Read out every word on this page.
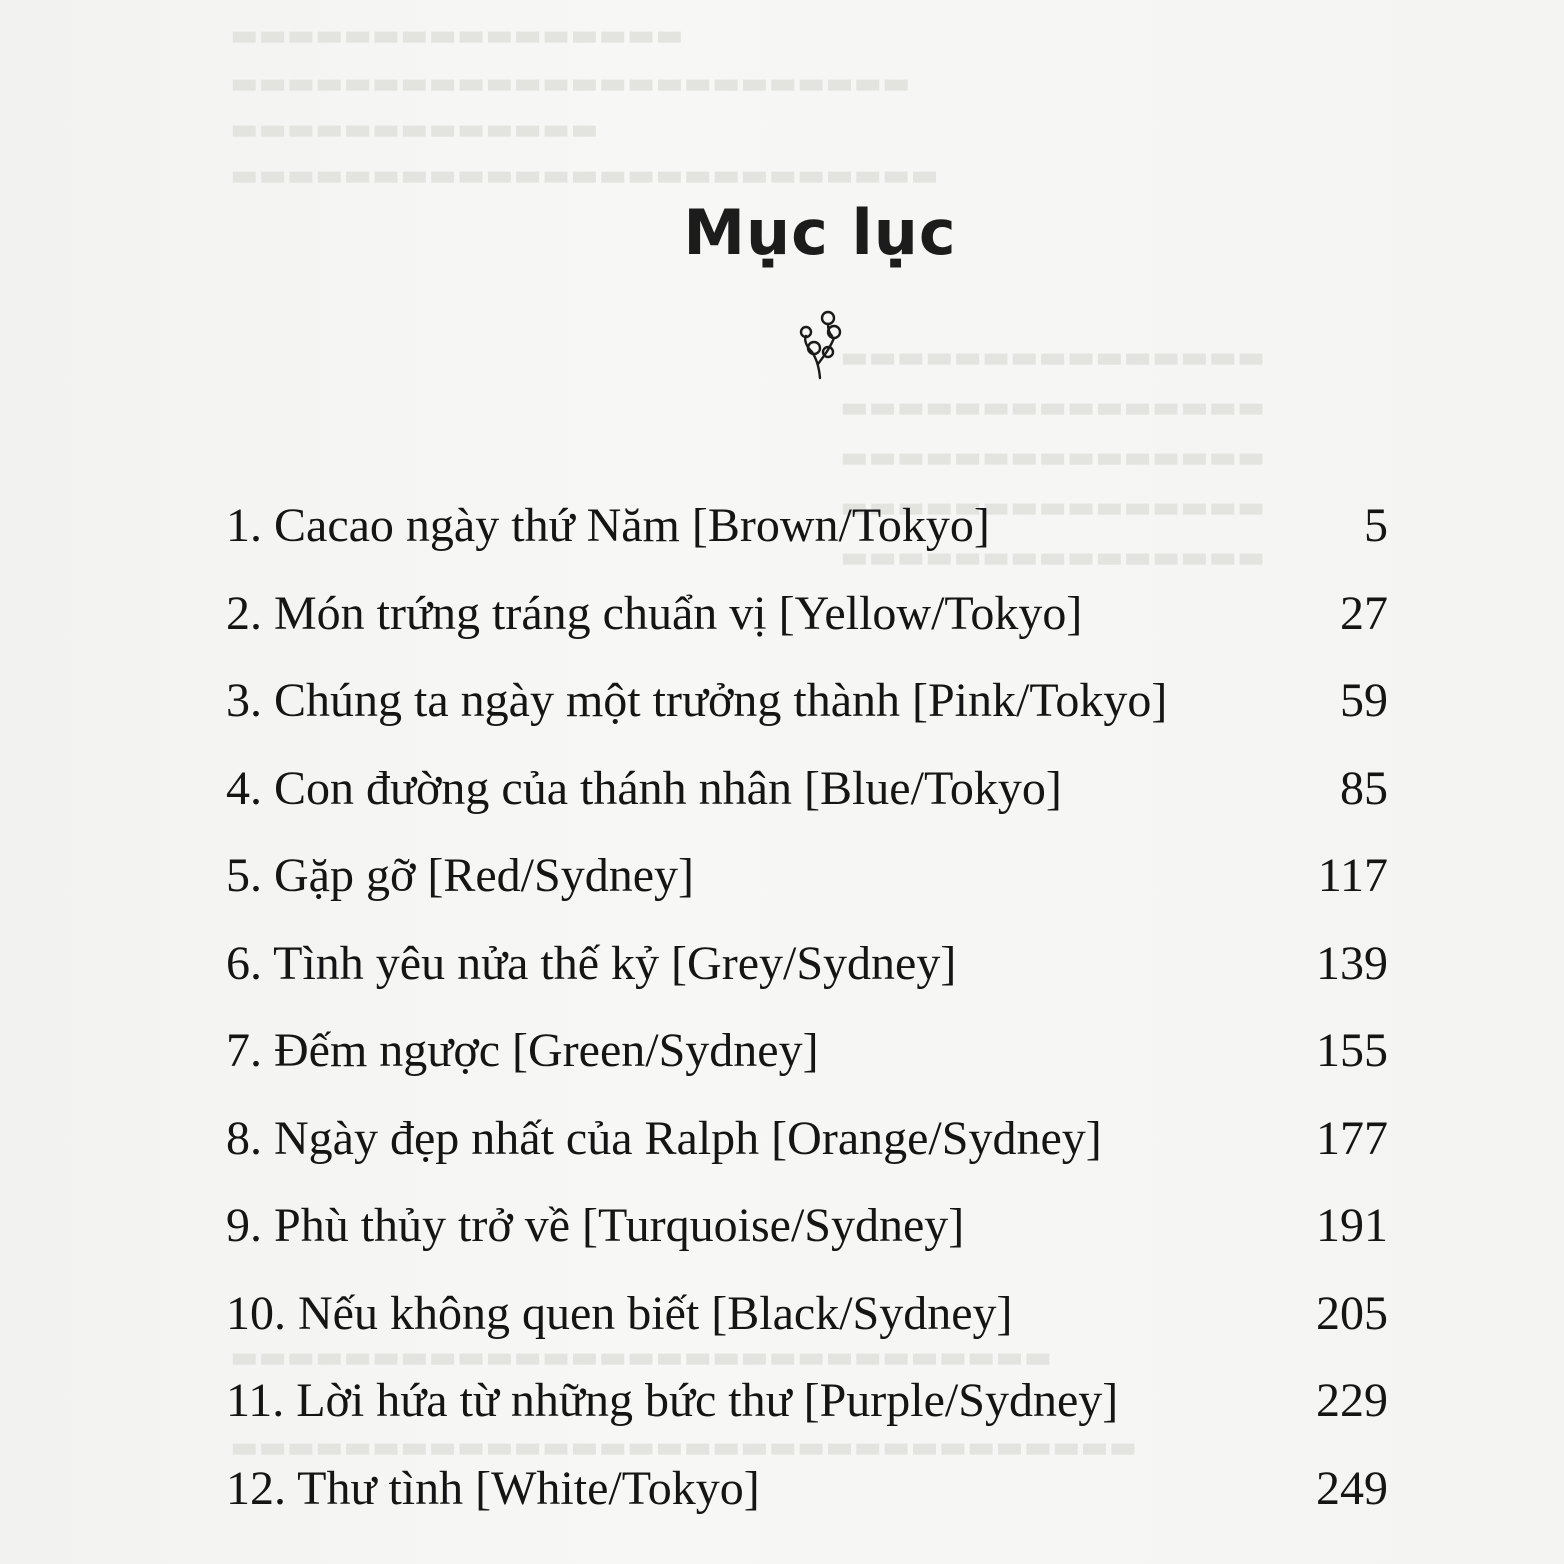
▬▬▬▬▬▬▬▬▬▬▬▬▬▬▬▬
▬▬▬▬▬▬▬▬▬▬▬▬▬▬▬▬▬▬▬▬▬▬▬▬
▬▬▬▬▬▬▬▬▬▬▬▬▬
▬▬▬▬▬▬▬▬▬▬▬▬▬▬▬▬▬▬▬▬▬▬▬▬▬
▬▬▬▬▬▬▬▬▬▬▬▬▬▬▬
▬▬▬▬▬▬▬▬▬▬▬▬▬▬▬
▬▬▬▬▬▬▬▬▬▬▬▬▬▬▬
▬▬▬▬▬▬▬▬▬▬▬▬▬▬▬
▬▬▬▬▬▬▬▬▬▬▬▬▬▬▬
▬▬▬▬▬▬▬▬▬▬▬▬▬▬▬▬▬▬▬▬▬▬▬▬▬▬▬▬▬
▬▬▬▬▬▬▬▬▬▬▬▬▬▬▬▬▬▬▬▬▬▬▬▬▬▬▬▬▬▬▬▬
Mục lục
1. Cacao ngày thứ Năm [Brown/Tokyo]	5
2. Món trứng tráng chuẩn vị [Yellow/Tokyo]	27
3. Chúng ta ngày một trưởng thành [Pink/Tokyo]	59
4. Con đường của thánh nhân [Blue/Tokyo]	85
5. Gặp gỡ [Red/Sydney]	117
6. Tình yêu nửa thế kỷ [Grey/Sydney]	139
7. Đếm ngược [Green/Sydney]	155
8. Ngày đẹp nhất của Ralph [Orange/Sydney]	177
9. Phù thủy trở về [Turquoise/Sydney]	191
10. Nếu không quen biết [Black/Sydney]	205
11. Lời hứa từ những bức thư [Purple/Sydney]	229
12. Thư tình [White/Tokyo]	249
